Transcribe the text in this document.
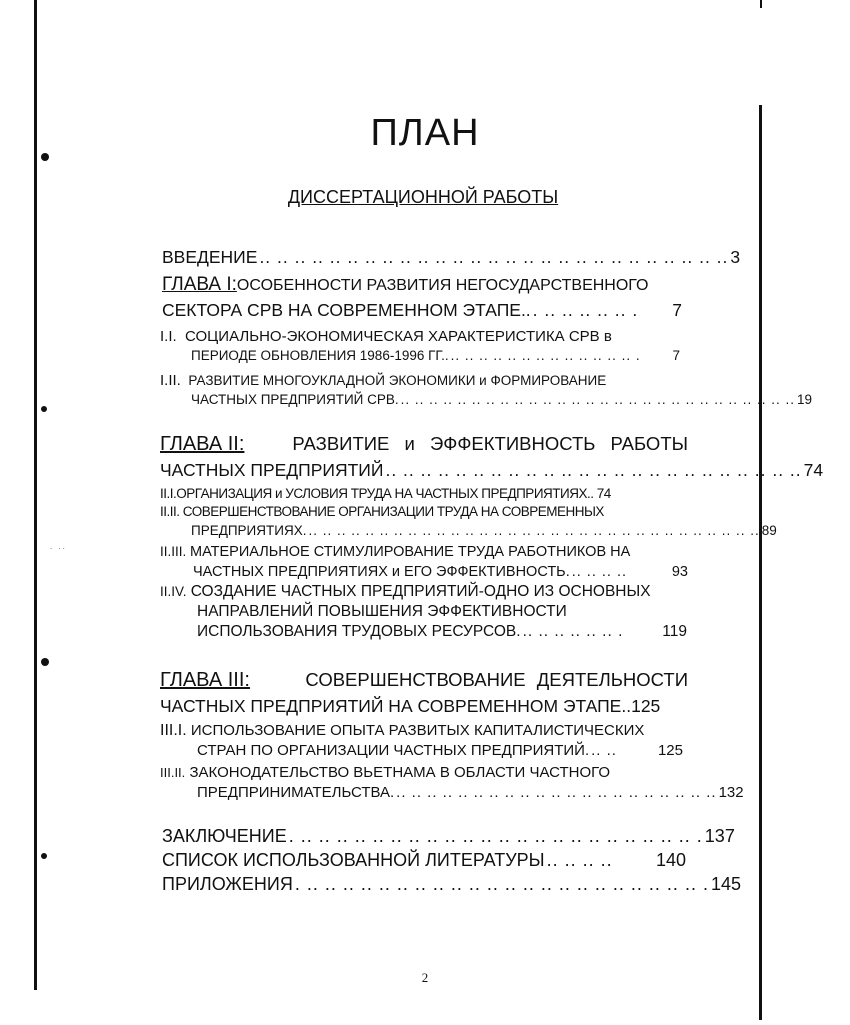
. ..
ПЛАН
ДИССЕРТАЦИОННОЙ РАБОТЫ
ВВЕДЕНИЕ .. .. .. .. .. .. .. .. .. .. .. .. .. .. .. .. .. .. .. .. .. .. .. .. .. .. .. 3
ГЛАВА I:ОСОБЕННОСТИ РАЗВИТИЯ НЕГОСУДАРСТВЕННОГО
СЕКТОРА СРВ НА СОВРЕМЕННОМ ЭТАПЕ.. . .. .. .. .. .. .	7
I.I. СОЦИАЛЬНО-ЭКОНОМИЧЕСКАЯ ХАРАКТЕРИСТИКА СРВ в
ПЕРИОДЕ ОБНОВЛЕНИЯ 1986-1996 ГГ.. .. .. .. .. .. .. .. .. .. .. .. .. .. .	7
I.II. РАЗВИТИЕ МНОГОУКЛАДНОЙ ЭКОНОМИКИ и ФОРМИРОВАНИЕ
ЧАСТНЫХ ПРЕДПРИЯТИЙ СРВ. .. .. .. .. .. .. .. .. .. .. .. .. .. .. .. .. .. .. .. .. .. .. .. .. .. .. .. .. 19
ГЛАВА II:	РАЗВИТИЕ и ЭФФЕКТИВНОСТЬ РАБОТЫ
ЧАСТНЫХ ПРЕДПРИЯТИЙ .. .. .. .. .. .. .. .. .. .. .. .. .. .. .. .. .. .. .. .. .. .. .. .. 74
II.I.ОРГАНИЗАЦИЯ и УСЛОВИЯ ТРУДА НА ЧАСТНЫХ ПРЕДПРИЯТИЯХ.. 74
II.II. СОВЕРШЕНСТВОВАНИЕ ОРГАНИЗАЦИИ ТРУДА НА СОВРЕМЕННЫХ
ПРЕДПРИЯТИЯХ. .. .. .. .. .. .. .. .. .. .. .. .. .. .. .. .. .. .. .. .. .. .. .. .. .. .. .. .. .. .. .. .. 89
II.III. МАТЕРИАЛЬНОЕ СТИМУЛИРОВАНИЕ ТРУДА РАБОТНИКОВ НА
ЧАСТНЫХ ПРЕДПРИЯТИЯХ и ЕГО ЭФФЕКТИВНОСТЬ. .. .. .. ..	93
II.IV. СОЗДАНИЕ ЧАСТНЫХ ПРЕДПРИЯТИЙ-ОДНО ИЗ ОСНОВНЫХ
НАПРАВЛЕНИЙ ПОВЫШЕНИЯ ЭФФЕКТИВНОСТИ
ИСПОЛЬЗОВАНИЯ ТРУДОВЫХ РЕСУРСОВ. .. .. .. .. .. .. .	119
ГЛАВА III:	СОВЕРШЕНСТВОВАНИЕ ДЕЯТЕЛЬНОСТИ
ЧАСТНЫХ ПРЕДПРИЯТИЙ НА СОВРЕМЕННОМ ЭТАПЕ..125
III.I. ИСПОЛЬЗОВАНИЕ ОПЫТА РАЗВИТЫХ КАПИТАЛИСТИЧЕСКИХ
СТРАН ПО ОРГАНИЗАЦИИ ЧАСТНЫХ ПРЕДПРИЯТИЙ. .. ..	125
III.II. ЗАКОНОДАТЕЛЬСТВО ВЬЕТНАМА В ОБЛАСТИ ЧАСТНОГО
ПРЕДПРИНИМАТЕЛЬСТВА. .. .. .. .. .. .. .. .. .. .. .. .. .. .. .. .. .. .. .. .. .. 132
ЗАКЛЮЧЕНИЕ . .. .. .. .. .. .. .. .. .. .. .. .. .. .. .. .. .. .. .. .. .. .. . 137
СПИСОК ИСПОЛЬЗОВАННОЙ ЛИТЕРАТУРЫ .. .. .. ..	140
ПРИЛОЖЕНИЯ . .. .. .. .. .. .. .. .. .. .. .. .. .. .. .. .. .. .. .. .. .. .. . 145
2
